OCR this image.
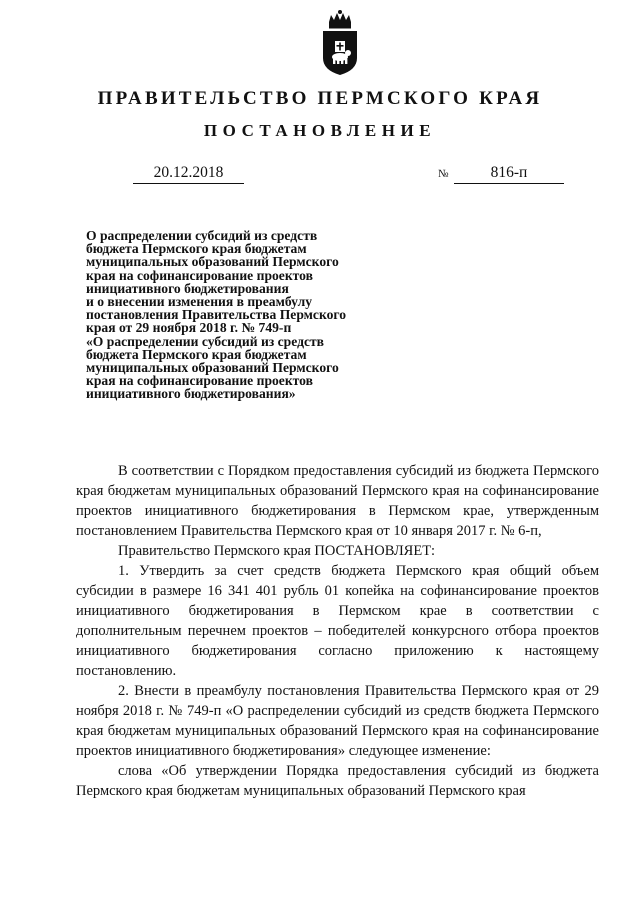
ПРАВИТЕЛЬСТВО ПЕРМСКОГО КРАЯ
ПОСТАНОВЛЕНИЕ
20.12.2018	№	816-п
О распределении субсидий из средств
бюджета Пермского края бюджетам
муниципальных образований Пермского
края на софинансирование проектов
инициативного бюджетирования
и о внесении изменения в преамбулу
постановления Правительства Пермского
края от 29 ноября 2018 г. № 749-п
«О распределении субсидий из средств
бюджета Пермского края бюджетам
муниципальных образований Пермского
края на софинансирование проектов
инициативного бюджетирования»

В соответствии с Порядком предоставления субсидий из бюджета Пермского края бюджетам муниципальных образований Пермского края на софинансирование проектов инициативного бюджетирования в Пермском крае, утвержденным постановлением Правительства Пермского края от 10 января 2017 г. № 6-п,

Правительство Пермского края ПОСТАНОВЛЯЕТ:

1. Утвердить за счет средств бюджета Пермского края общий объем субсидии в размере 16 341 401 рубль 01 копейка на софинансирование проектов инициативного бюджетирования в Пермском крае в соответствии с дополнительным перечнем проектов – победителей конкурсного отбора проектов инициативного бюджетирования согласно приложению к настоящему постановлению.

2. Внести в преамбулу постановления Правительства Пермского края от 29 ноября 2018 г. № 749-п «О распределении субсидий из средств бюджета Пермского края бюджетам муниципальных образований Пермского края на софинансирование проектов инициативного бюджетирования» следующее изменение:

слова «Об утверждении Порядка предоставления субсидий из бюджета Пермского края бюджетам муниципальных образований Пермского края
